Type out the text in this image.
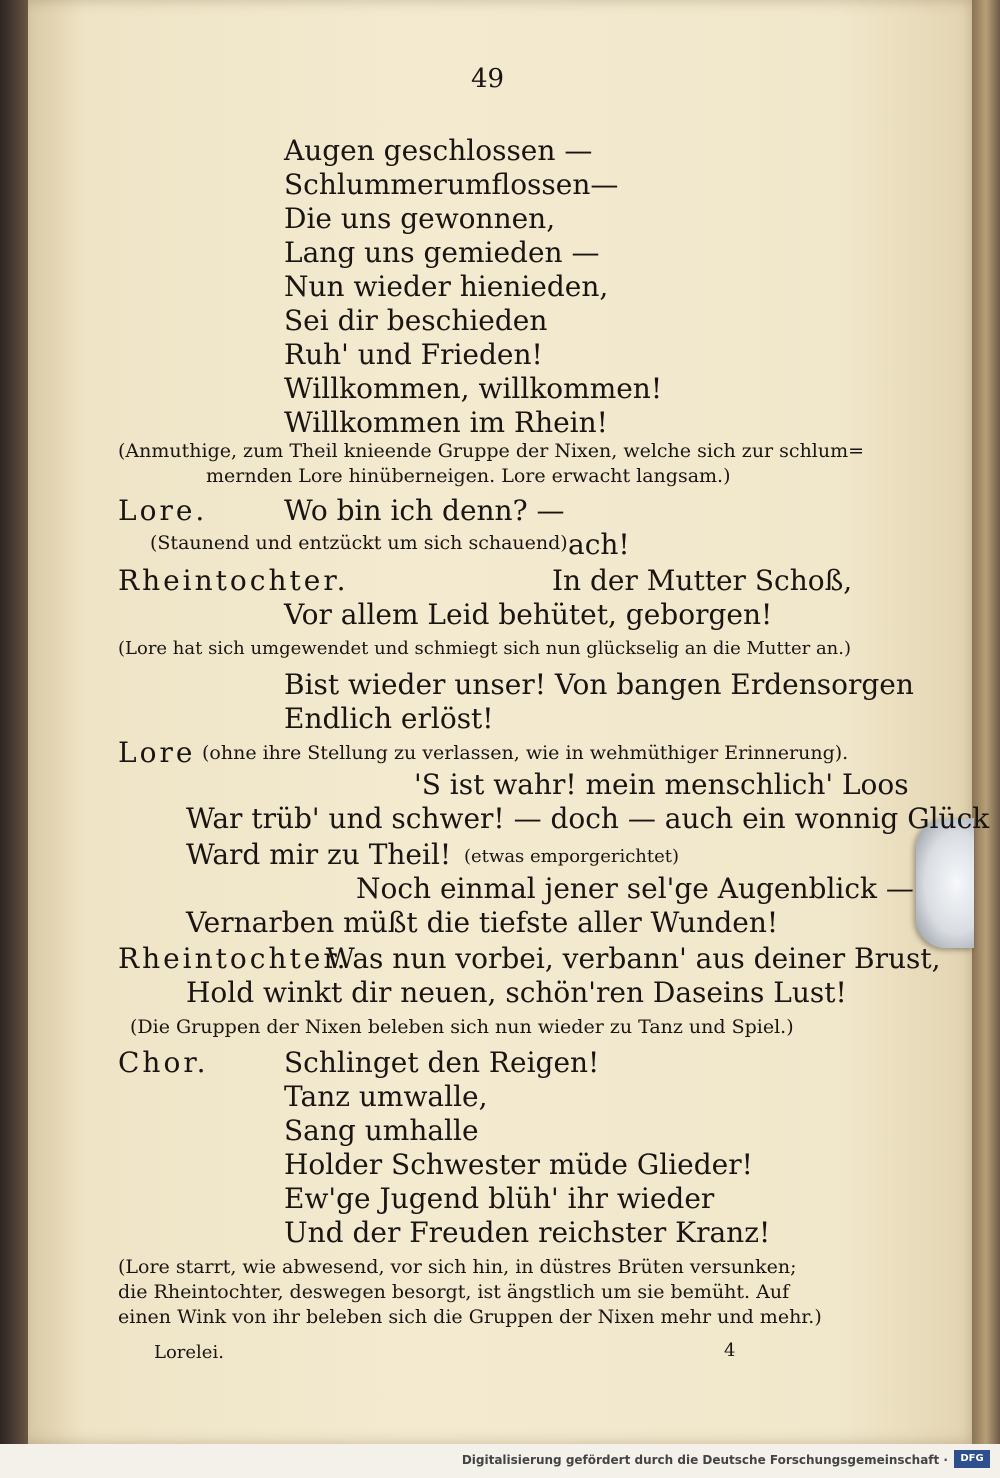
49
Augen geschlossen —
Schlummerumflossen—
Die uns gewonnen,
Lang uns gemieden —
Nun wieder hienieden,
Sei dir beschieden
Ruh' und Frieden!
Willkommen, willkommen!
Willkommen im Rhein!
(Anmuthige, zum Theil knieende Gruppe der Nixen, welche sich zur schlum=
mernden Lore hinüberneigen. Lore erwacht langsam.)
Lore.	Wo bin ich denn? —
(Staunend und entzückt um sich schauend) ach!
Rheintochter.	In der Mutter Schoß,
Vor allem Leid behütet, geborgen!
(Lore hat sich umgewendet und schmiegt sich nun glückselig an die Mutter an.)
Bist wieder unser! Von bangen Erdensorgen
Endlich erlöst!
Lore (ohne ihre Stellung zu verlassen, wie in wehmüthiger Erinnerung).
'S ist wahr! mein menschlich' Loos
War trüb' und schwer! — doch — auch ein wonnig Glück
Ward mir zu Theil! (etwas emporgerichtet)
Noch einmal jener sel'ge Augenblick —
Vernarben müßt die tiefste aller Wunden!
Rheintochter.
Was nun vorbei, verbann' aus deiner Brust,
Hold winkt dir neuen, schön'ren Daseins Lust!
(Die Gruppen der Nixen beleben sich nun wieder zu Tanz und Spiel.)
Chor.	Schlinget den Reigen!
Tanz umwalle,
Sang umhalle
Holder Schwester müde Glieder!
Ew'ge Jugend blüh' ihr wieder
Und der Freuden reichster Kranz!
(Lore starrt, wie abwesend, vor sich hin, in düstres Brüten versunken;
die Rheintochter, deswegen besorgt, ist ängstlich um sie bemüht. Auf
einen Wink von ihr beleben sich die Gruppen der Nixen mehr und mehr.)
Lorelei.	4
Digitalisierung gefördert durch die Deutsche Forschungsgemeinschaft ·	DFG
